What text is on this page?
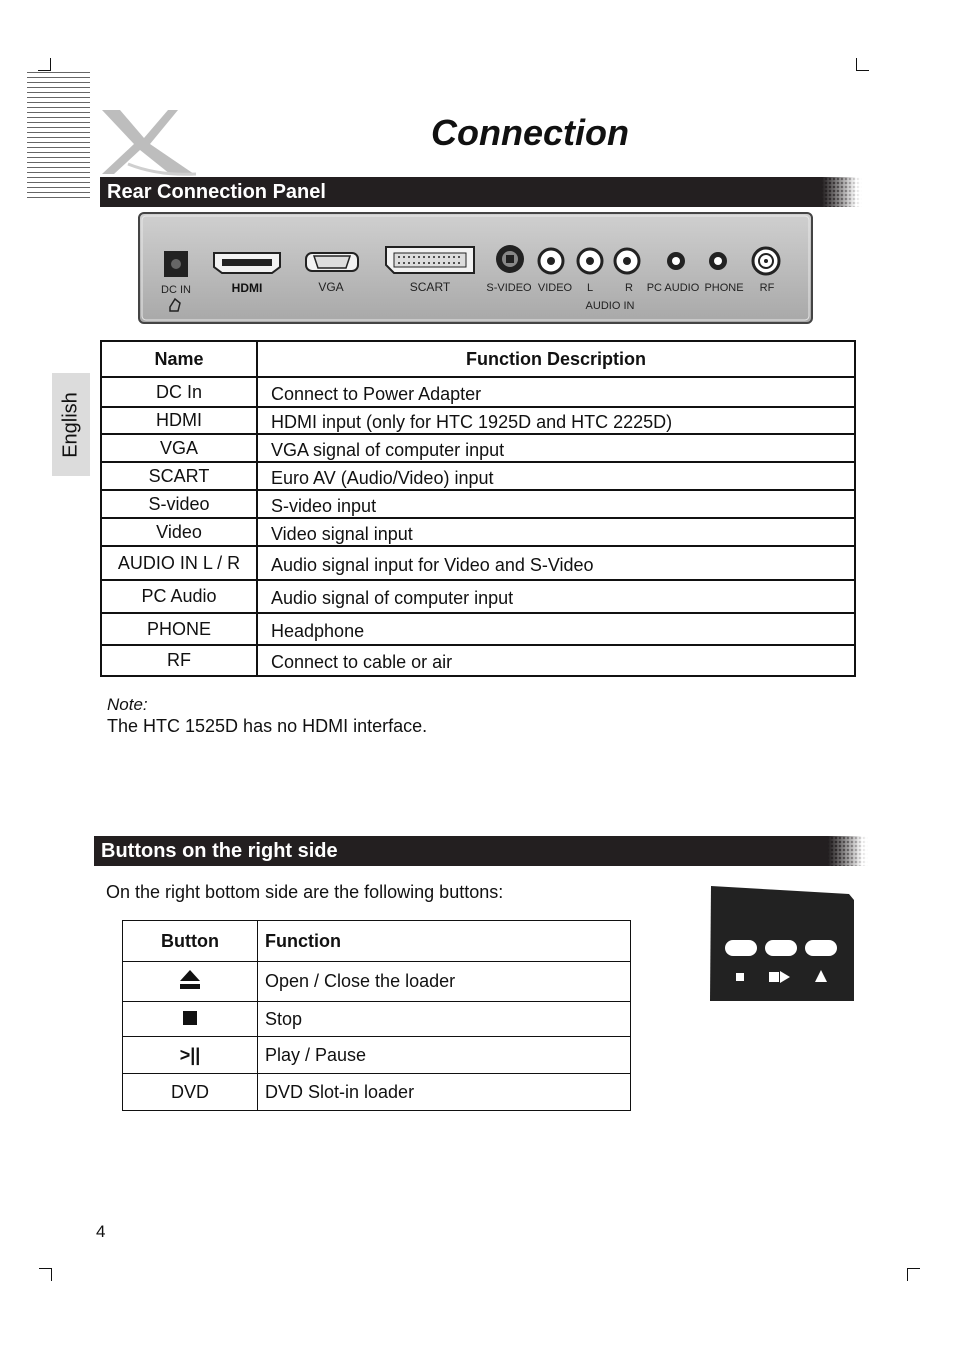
Connection
Rear Connection Panel
DC IN	HDMI	VGA	SCART	S-VIDEO VIDEO L	R
AUDIO IN
PC AUDIO PHONE RF
English
Name	Function Description
DC In	Connect to Power Adapter
HDMI	HDMI input (only for HTC 1925D and HTC 2225D)
VGA	VGA signal of computer input
SCART	Euro AV (Audio/Video) input
S-video	S-video input
Video	Video signal input
AUDIO IN L / R	Audio signal input for Video and S-Video
PC Audio	Audio signal of computer input
PHONE	Headphone
RF	Connect to cable or air
Note:
The HTC 1525D has no HDMI interface.
Buttons on the right side
On the right bottom side are the following buttons:
Button	Function
	Open / Close the loader
	Stop
>||	Play / Pause
DVD	DVD Slot-in loader
4
